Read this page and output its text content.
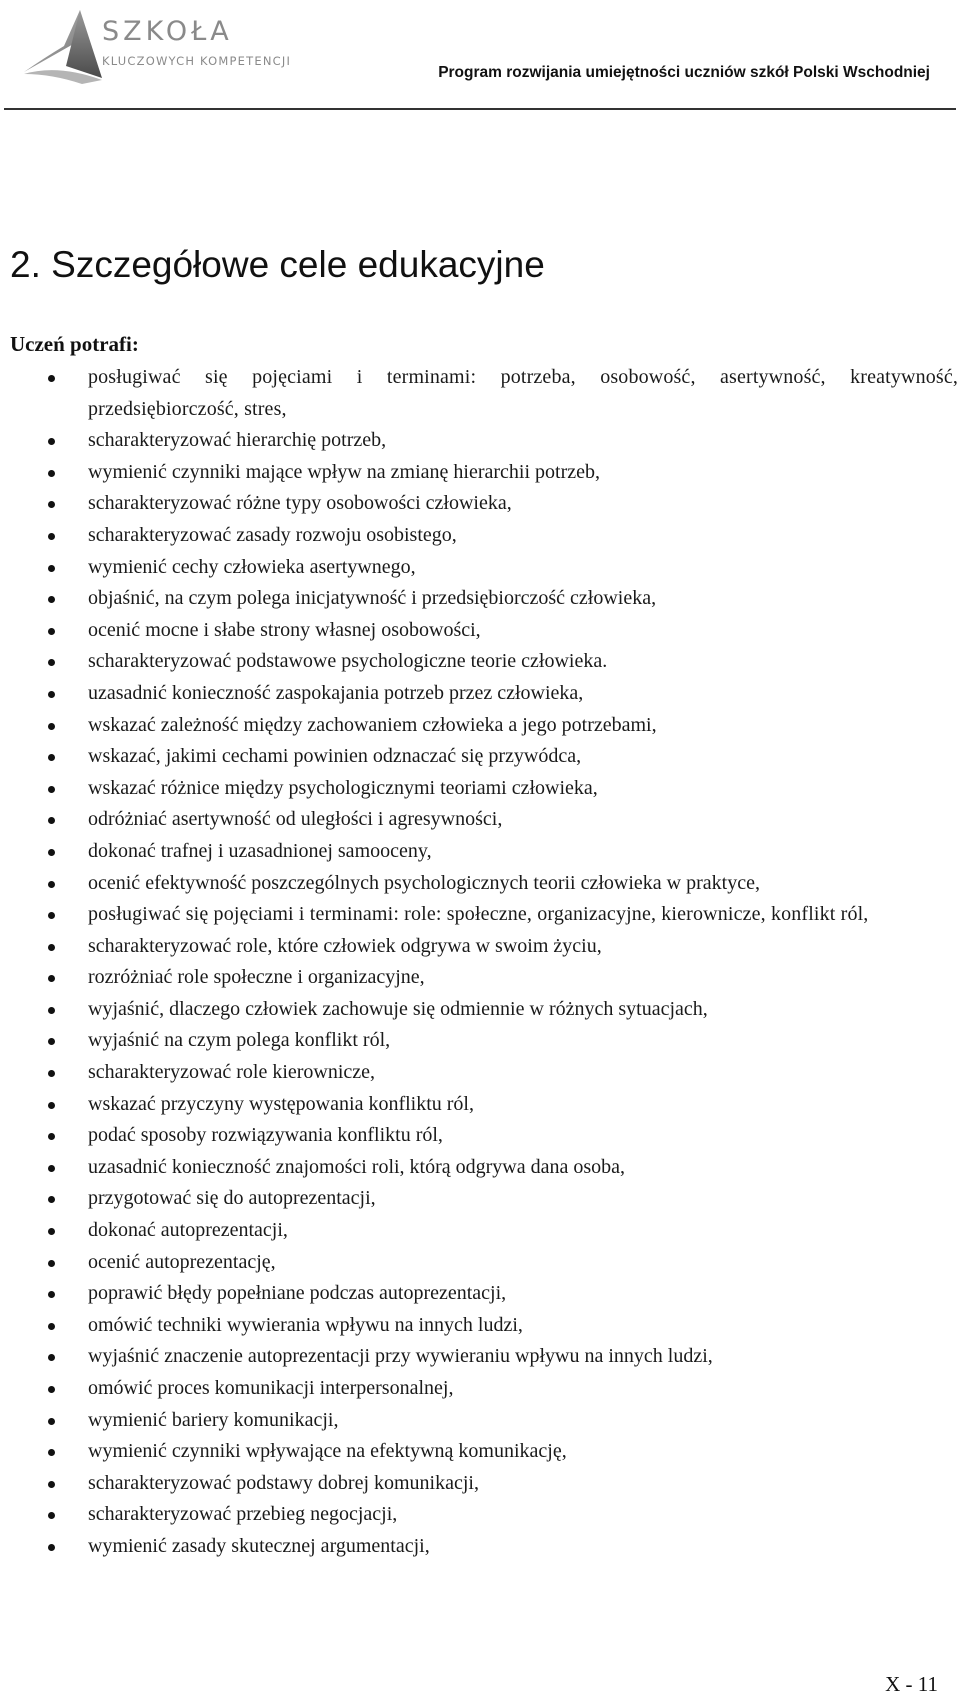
SZKOŁA
KLUCZOWYCH KOMPETENCJI
Program rozwijania umiejętności uczniów szkół Polski Wschodniej
2. Szczegółowe cele edukacyjne
Uczeń potrafi:
posługiwać się pojęciami i terminami: potrzeba, osobowość, asertywność, kreatywność, przedsiębiorczość, stres,
scharakteryzować hierarchię potrzeb,
wymienić czynniki mające wpływ na zmianę hierarchii potrzeb,
scharakteryzować różne typy osobowości człowieka,
scharakteryzować zasady rozwoju osobistego,
wymienić cechy człowieka asertywnego,
objaśnić, na czym polega inicjatywność i przedsiębiorczość człowieka,
ocenić mocne i słabe strony własnej osobowości,
scharakteryzować podstawowe psychologiczne teorie człowieka.
uzasadnić konieczność zaspokajania potrzeb przez człowieka,
wskazać zależność między zachowaniem człowieka a jego potrzebami,
wskazać, jakimi cechami powinien odznaczać się przywódca,
wskazać różnice między psychologicznymi teoriami człowieka,
odróżniać asertywność od uległości i agresywności,
dokonać trafnej i uzasadnionej samooceny,
ocenić efektywność poszczególnych psychologicznych teorii człowieka w praktyce,
posługiwać się pojęciami i terminami: role: społeczne, organizacyjne, kierownicze, konflikt ról,
scharakteryzować role, które człowiek odgrywa w swoim życiu,
rozróżniać role społeczne i organizacyjne,
wyjaśnić, dlaczego człowiek zachowuje się odmiennie w różnych sytuacjach,
wyjaśnić na czym polega konflikt ról,
scharakteryzować role kierownicze,
wskazać przyczyny występowania konfliktu ról,
podać sposoby rozwiązywania konfliktu ról,
uzasadnić konieczność znajomości roli, którą odgrywa dana osoba,
przygotować się do autoprezentacji,
dokonać autoprezentacji,
ocenić autoprezentację,
poprawić błędy popełniane podczas autoprezentacji,
omówić techniki wywierania wpływu na innych ludzi,
wyjaśnić znaczenie autoprezentacji przy wywieraniu wpływu na innych ludzi,
omówić proces komunikacji interpersonalnej,
wymienić bariery komunikacji,
wymienić czynniki wpływające na efektywną komunikację,
scharakteryzować podstawy dobrej komunikacji,
scharakteryzować przebieg negocjacji,
wymienić zasady skutecznej argumentacji,
X - 11
